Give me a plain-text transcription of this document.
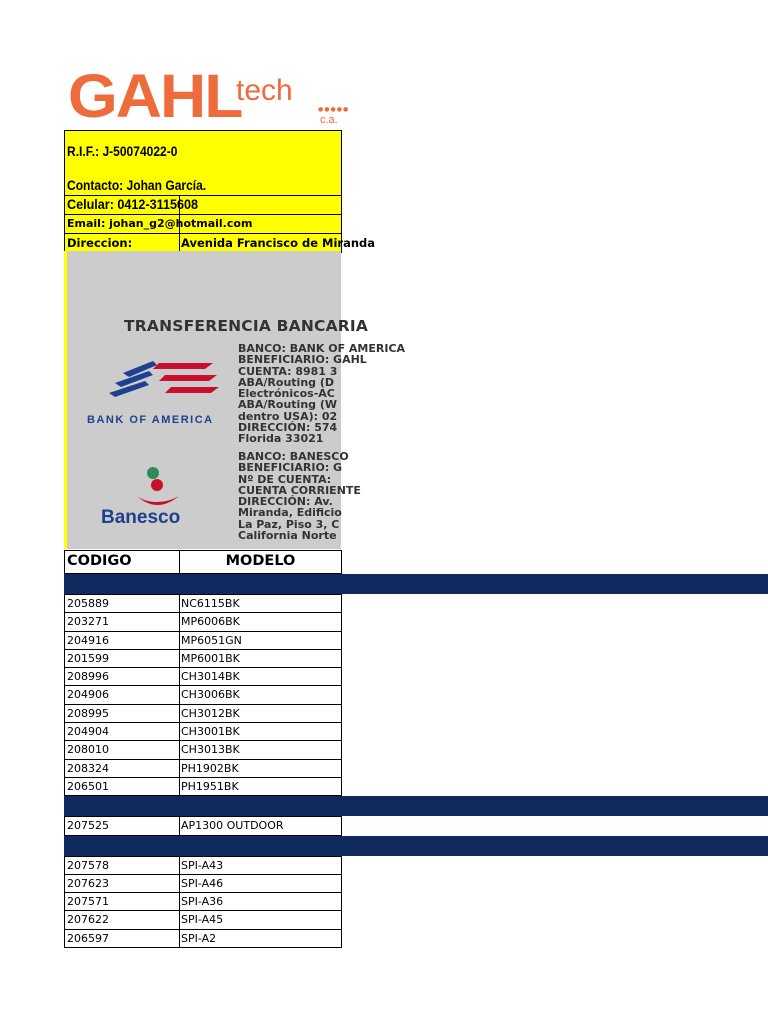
GAHL
tech
●●●●●
c.a.
R.I.F.: J-50074022-0
Contacto: Johan García.
Celular: 0412-3115608
Email: johan_g2@hotmail.com
Direccion:	Avenida Francisco de Miranda
TRANSFERENCIA BANCARIA
BANK OF AMERICA
Banesco
BANCO: BANK OF AMERICA
BENEFICIARIO: GAHL
CUENTA: 8981 3
ABA/Routing (D
Electrónicos-AC
ABA/Routing (W
dentro USA): 02
DIRECCIÓN: 574
Florida 33021
BANCO: BANESCO
BENEFICIARIO: G
Nº DE CUENTA:
CUENTA CORRIENTE
DIRECCIÓN: Av.
Miranda, Edificio
La Paz, Piso 3, C
California Norte
CODIGO	MODELO
205889	NC6115BK
203271	MP6006BK
204916	MP6051GN
201599	MP6001BK
208996	CH3014BK
204906	CH3006BK
208995	CH3012BK
204904	CH3001BK
208010	CH3013BK
208324	PH1902BK
206501	PH1951BK
207525	AP1300 OUTDOOR
207578	SPI-A43
207623	SPI-A46
207571	SPI-A36
207622	SPI-A45
206597	SPI-A2
